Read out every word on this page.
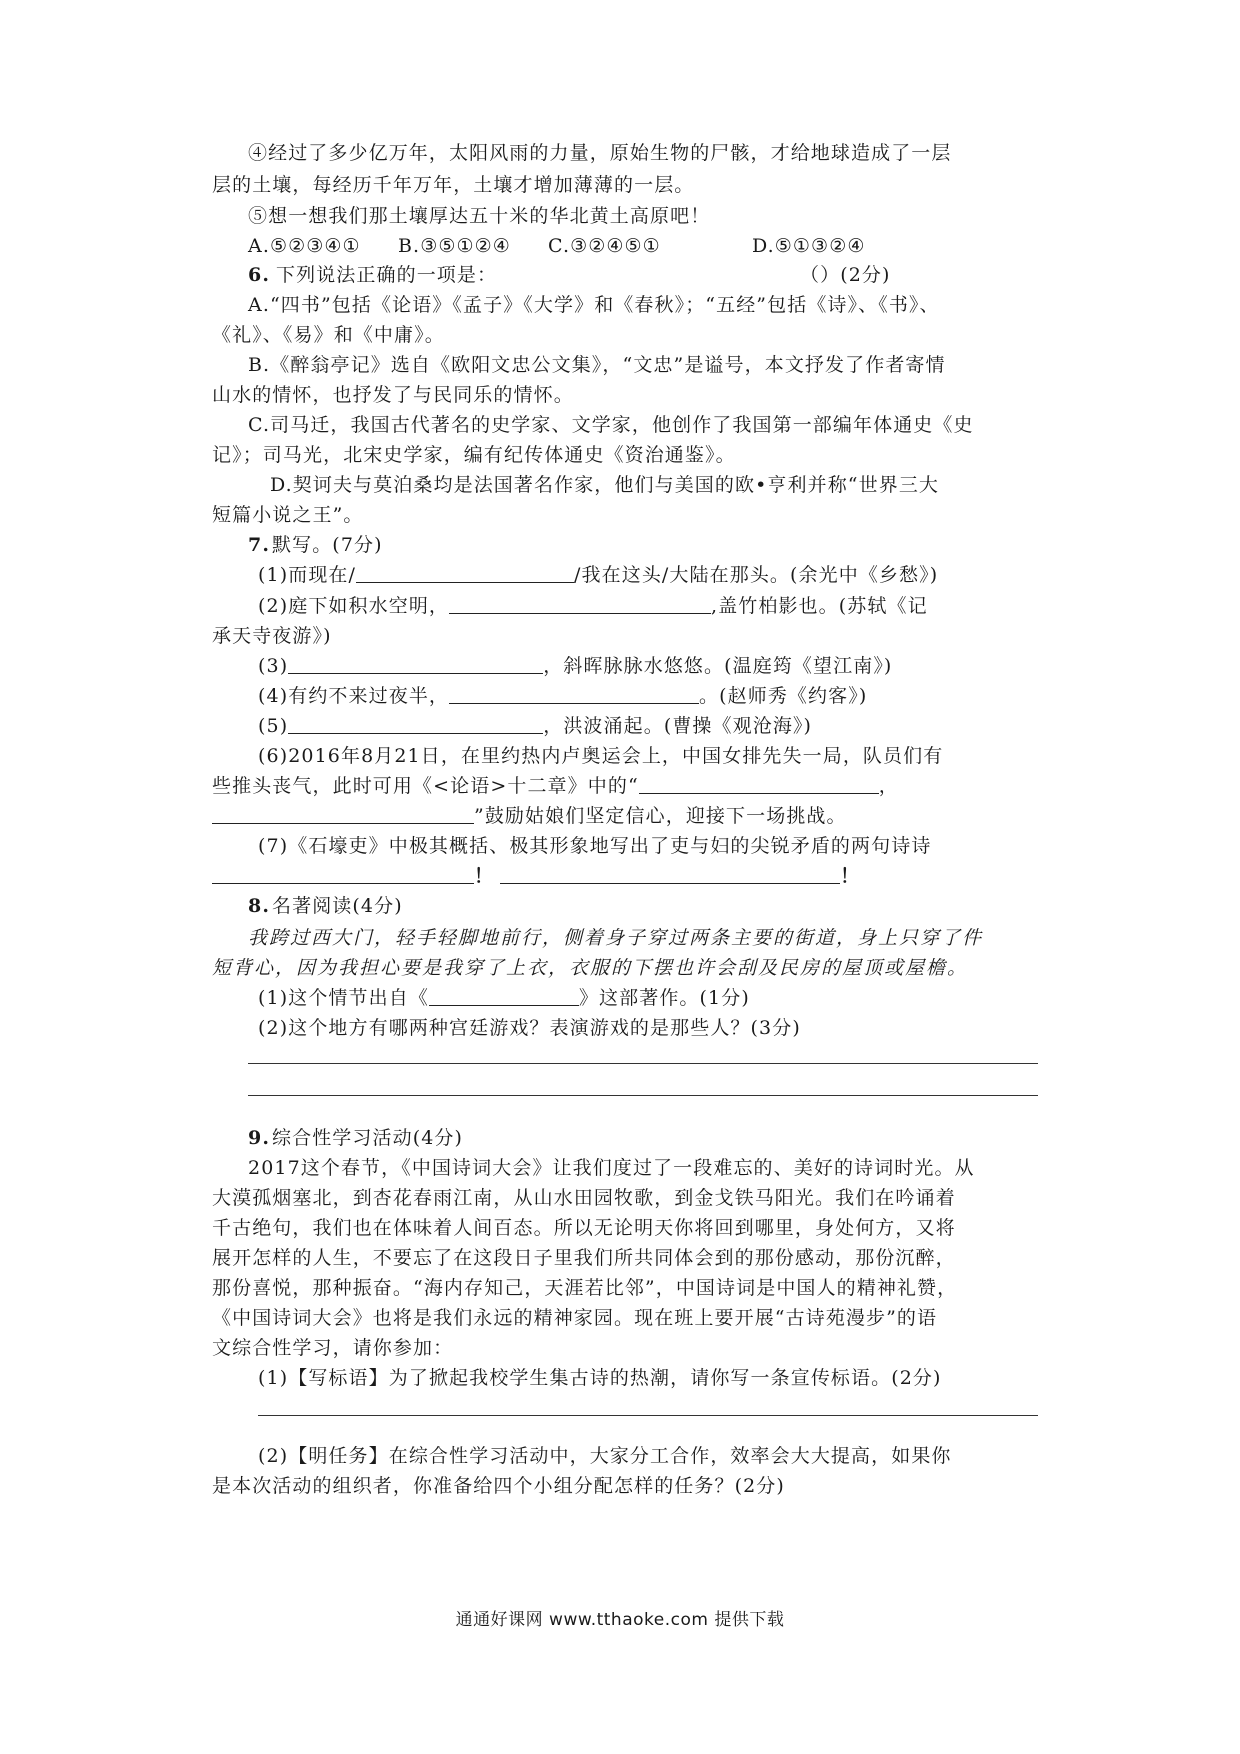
④经过了多少亿万年，太阳风雨的力量，原始生物的尸骸，才给地球造成了一层
层的土壤，每经历千年万年，土壤才增加薄薄的一层。
⑤想一想我们那土壤厚达五十米的华北黄土高原吧！
A.⑤②③④① B.③⑤①②④ C.③②④⑤①	D.⑤①③②④
6. 下列说法正确的一项是：	（）(2分)
A.“四书”包括《论语》《孟子》《大学》和《春秋》；“五经”包括《诗》、《书》、
《礼》、《易》和《中庸》。
B.《醉翁亭记》选自《欧阳文忠公文集》，“文忠”是谥号，本文抒发了作者寄情
山水的情怀，也抒发了与民同乐的情怀。
C.司马迁，我国古代著名的史学家、文学家，他创作了我国第一部编年体通史《史
记》；司马光，北宋史学家，编有纪传体通史《资治通鉴》。
D.契诃夫与莫泊桑均是法国著名作家，他们与美国的欧•亨利并称“世界三大
短篇小说之王”。
7. 默写。(7分)
(1)而现在/	/我在这头/大陆在那头。(余光中《乡愁》)
(2)庭下如积水空明，	,盖竹柏影也。(苏轼《记
承天寺夜游》)
(3)	，斜晖脉脉水悠悠。(温庭筠《望江南》)
(4)有约不来过夜半，	。(赵师秀《约客》)
(5)	，洪波涌起。(曹操《观沧海》)
(6)2016年8月21日，在里约热内卢奥运会上，中国女排先失一局，队员们有
些推头丧气，此时可用《<论语>十二章》中的“	，
”鼓励姑娘们坚定信心，迎接下一场挑战。
(7)《石壕吏》中极其概括、极其形象地写出了吏与妇的尖锐矛盾的两句诗诗
！	！
8. 名著阅读(4分)
我跨过西大门，轻手轻脚地前行，侧着身子穿过两条主要的街道，身上只穿了件
短背心，因为我担心要是我穿了上衣，衣服的下摆也许会刮及民房的屋顶或屋檐。
(1)这个情节出自《	》这部著作。(1分)
(2)这个地方有哪两种宫廷游戏？表演游戏的是那些人？(3分)
9. 综合性学习活动(4分)
2017这个春节，《中国诗词大会》让我们度过了一段难忘的、美好的诗词时光。从
大漠孤烟塞北，到杏花春雨江南，从山水田园牧歌，到金戈铁马阳光。我们在吟诵着
千古绝句，我们也在体味着人间百态。所以无论明天你将回到哪里，身处何方，又将
展开怎样的人生，不要忘了在这段日子里我们所共同体会到的那份感动，那份沉醉，
那份喜悦，那种振奋。“海内存知己，天涯若比邻”，中国诗词是中国人的精神礼赞，
《中国诗词大会》也将是我们永远的精神家园。现在班上要开展“古诗苑漫步”的语
文综合性学习，请你参加：
(1)【写标语】为了掀起我校学生集古诗的热潮，请你写一条宣传标语。(2分)
(2)【明任务】在综合性学习活动中，大家分工合作，效率会大大提高，如果你
是本次活动的组织者，你准备给四个小组分配怎样的任务？(2分)
通通好课网 www.tthaoke.com 提供下载
